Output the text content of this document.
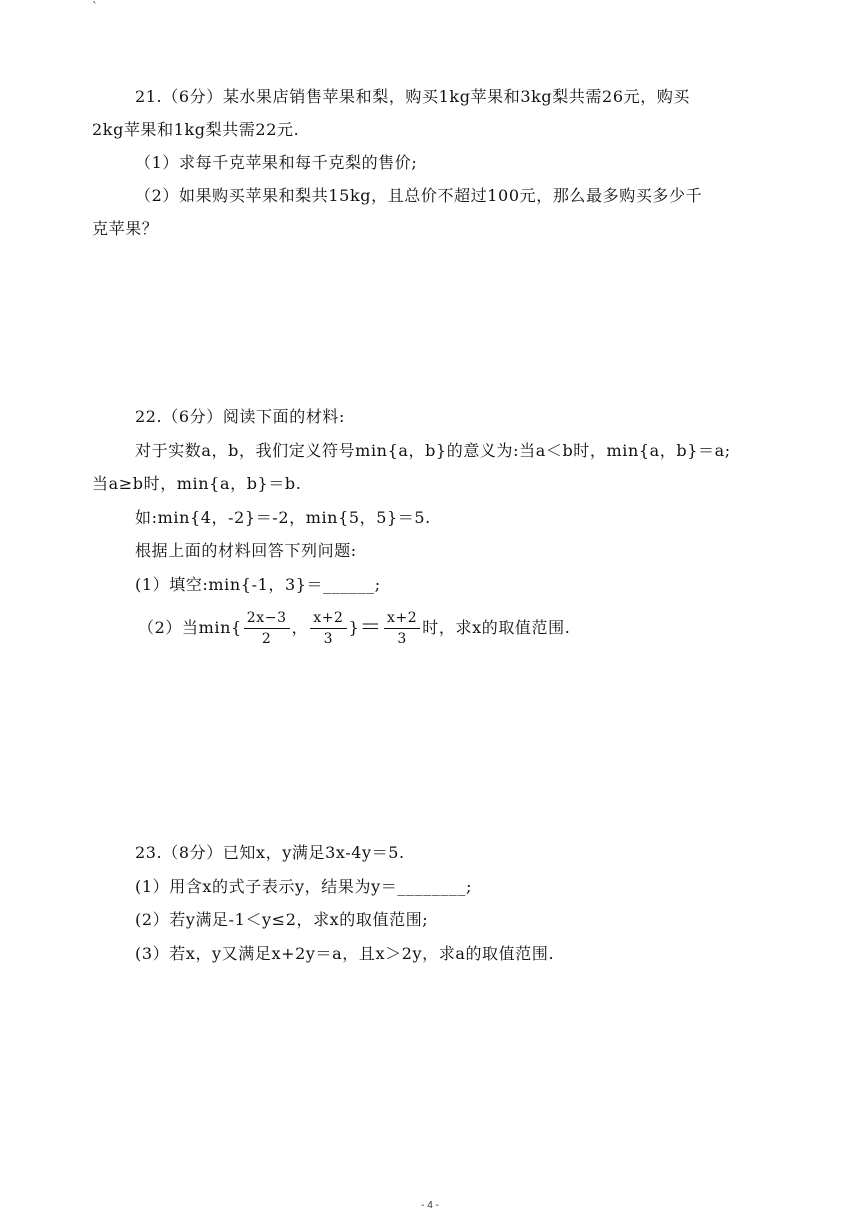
`
21.（6分）某水果店销售苹果和梨，购买1kg苹果和3kg梨共需26元，购买
2kg苹果和1kg梨共需22元.
（1）求每千克苹果和每千克梨的售价;
（2）如果购买苹果和梨共15kg，且总价不超过100元，那么最多购买多少千
克苹果？
22.（6分）阅读下面的材料:
对于实数a，b，我们定义符号min{a，b}的意义为:当a＜b时，min{a，b}＝a;
当a≥b时，min{a，b}＝b.
如:min{4，-2}＝-2，min{5，5}＝5.
根据上面的材料回答下列问题:
(1）填空:min{-1，3}＝______;
（2）当$\min\{ \frac{2x-3}{2}$ ， $\frac{x+2}{3}$ }＝ $\frac{x+2}{3}$ 时，求x的取值范围.
23.（8分）已知x，y满足3x-4y＝5.
(1）用含x的式子表示y，结果为y＝________;
(2）若y满足-1＜y≤2，求x的取值范围;
(3）若x，y又满足x+2y＝a，且x＞2y，求a的取值范围.
- 4 -
